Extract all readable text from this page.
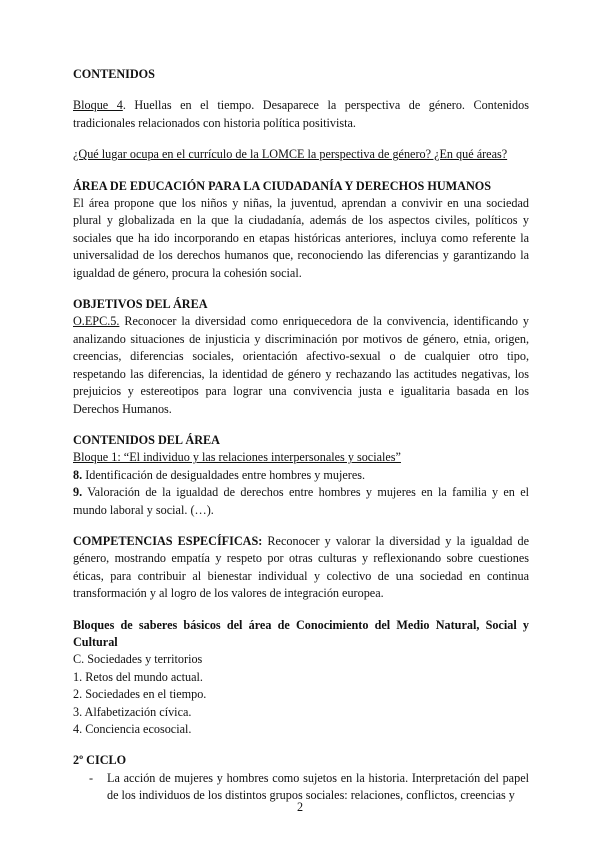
CONTENIDOS

Bloque 4. Huellas en el tiempo. Desaparece la perspectiva de género. Contenidos tradicionales relacionados con historia política positivista.

¿Qué lugar ocupa en el currículo de la LOMCE la perspectiva de género? ¿En qué áreas?

ÁREA DE EDUCACIÓN PARA LA CIUDADANÍA Y DERECHOS HUMANOS

El área propone que los niños y niñas, la juventud, aprendan a convivir en una sociedad plural y globalizada en la que la ciudadanía, además de los aspectos civiles, políticos y sociales que ha ido incorporando en etapas históricas anteriores, incluya como referente la universalidad de los derechos humanos que, reconociendo las diferencias y garantizando la igualdad de género, procura la cohesión social.

OBJETIVOS DEL ÁREA

O.EPC.5. Reconocer la diversidad como enriquecedora de la convivencia, identificando y analizando situaciones de injusticia y discriminación por motivos de género, etnia, origen, creencias, diferencias sociales, orientación afectivo-sexual o de cualquier otro tipo, respetando las diferencias, la identidad de género y rechazando las actitudes negativas, los prejuicios y estereotipos para lograr una convivencia justa e igualitaria basada en los Derechos Humanos.

CONTENIDOS DEL ÁREA

Bloque 1: “El individuo y las relaciones interpersonales y sociales”

8. Identificación de desigualdades entre hombres y mujeres.

9. Valoración de la igualdad de derechos entre hombres y mujeres en la familia y en el mundo laboral y social. (…).

COMPETENCIAS ESPECÍFICAS: Reconocer y valorar la diversidad y la igualdad de género, mostrando empatía y respeto por otras culturas y reflexionando sobre cuestiones éticas, para contribuir al bienestar individual y colectivo de una sociedad en continua transformación y al logro de los valores de integración europea.

Bloques de saberes básicos del área de Conocimiento del Medio Natural, Social y Cultural

C. Sociedades y territorios

1. Retos del mundo actual.

2. Sociedades en el tiempo.

3. Alfabetización cívica.

4. Conciencia ecosocial.

2º CICLO

- La acción de mujeres y hombres como sujetos en la historia. Interpretación del papel de los individuos de los distintos grupos sociales: relaciones, conflictos, creencias y
2
